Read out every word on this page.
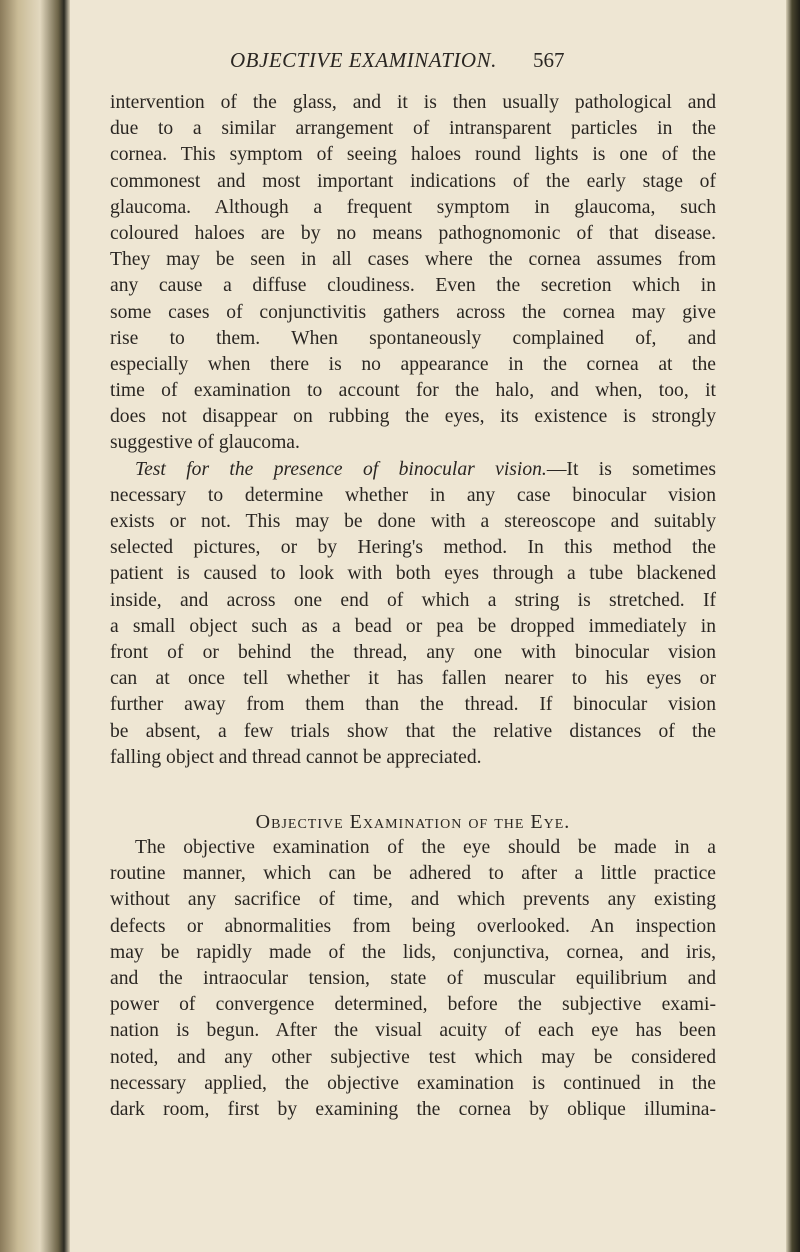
OBJECTIVE EXAMINATION. 567
intervention of the glass, and it is then usually pathological and
due to a similar arrangement of intransparent particles in the
cornea. This symptom of seeing haloes round lights is one of the
commonest and most important indications of the early stage of
glaucoma. Although a frequent symptom in glaucoma, such
coloured haloes are by no means pathognomonic of that disease.
They may be seen in all cases where the cornea assumes from
any cause a diffuse cloudiness. Even the secretion which in
some cases of conjunctivitis gathers across the cornea may give
rise to them. When spontaneously complained of, and
especially when there is no appearance in the cornea at the
time of examination to account for the halo, and when, too, it
does not disappear on rubbing the eyes, its existence is strongly
suggestive of glaucoma.
Test for the presence of binocular vision.—It is sometimes
necessary to determine whether in any case binocular vision
exists or not. This may be done with a stereoscope and suitably
selected pictures, or by Hering's method. In this method the
patient is caused to look with both eyes through a tube blackened
inside, and across one end of which a string is stretched. If
a small object such as a bead or pea be dropped immediately in
front of or behind the thread, any one with binocular vision
can at once tell whether it has fallen nearer to his eyes or
further away from them than the thread. If binocular vision
be absent, a few trials show that the relative distances of the
falling object and thread cannot be appreciated.
Objective Examination of the Eye.
The objective examination of the eye should be made in a
routine manner, which can be adhered to after a little practice
without any sacrifice of time, and which prevents any existing
defects or abnormalities from being overlooked. An inspection
may be rapidly made of the lids, conjunctiva, cornea, and iris,
and the intraocular tension, state of muscular equilibrium and
power of convergence determined, before the subjective exami-
nation is begun. After the visual acuity of each eye has been
noted, and any other subjective test which may be considered
necessary applied, the objective examination is continued in the
dark room, first by examining the cornea by oblique illumina-
